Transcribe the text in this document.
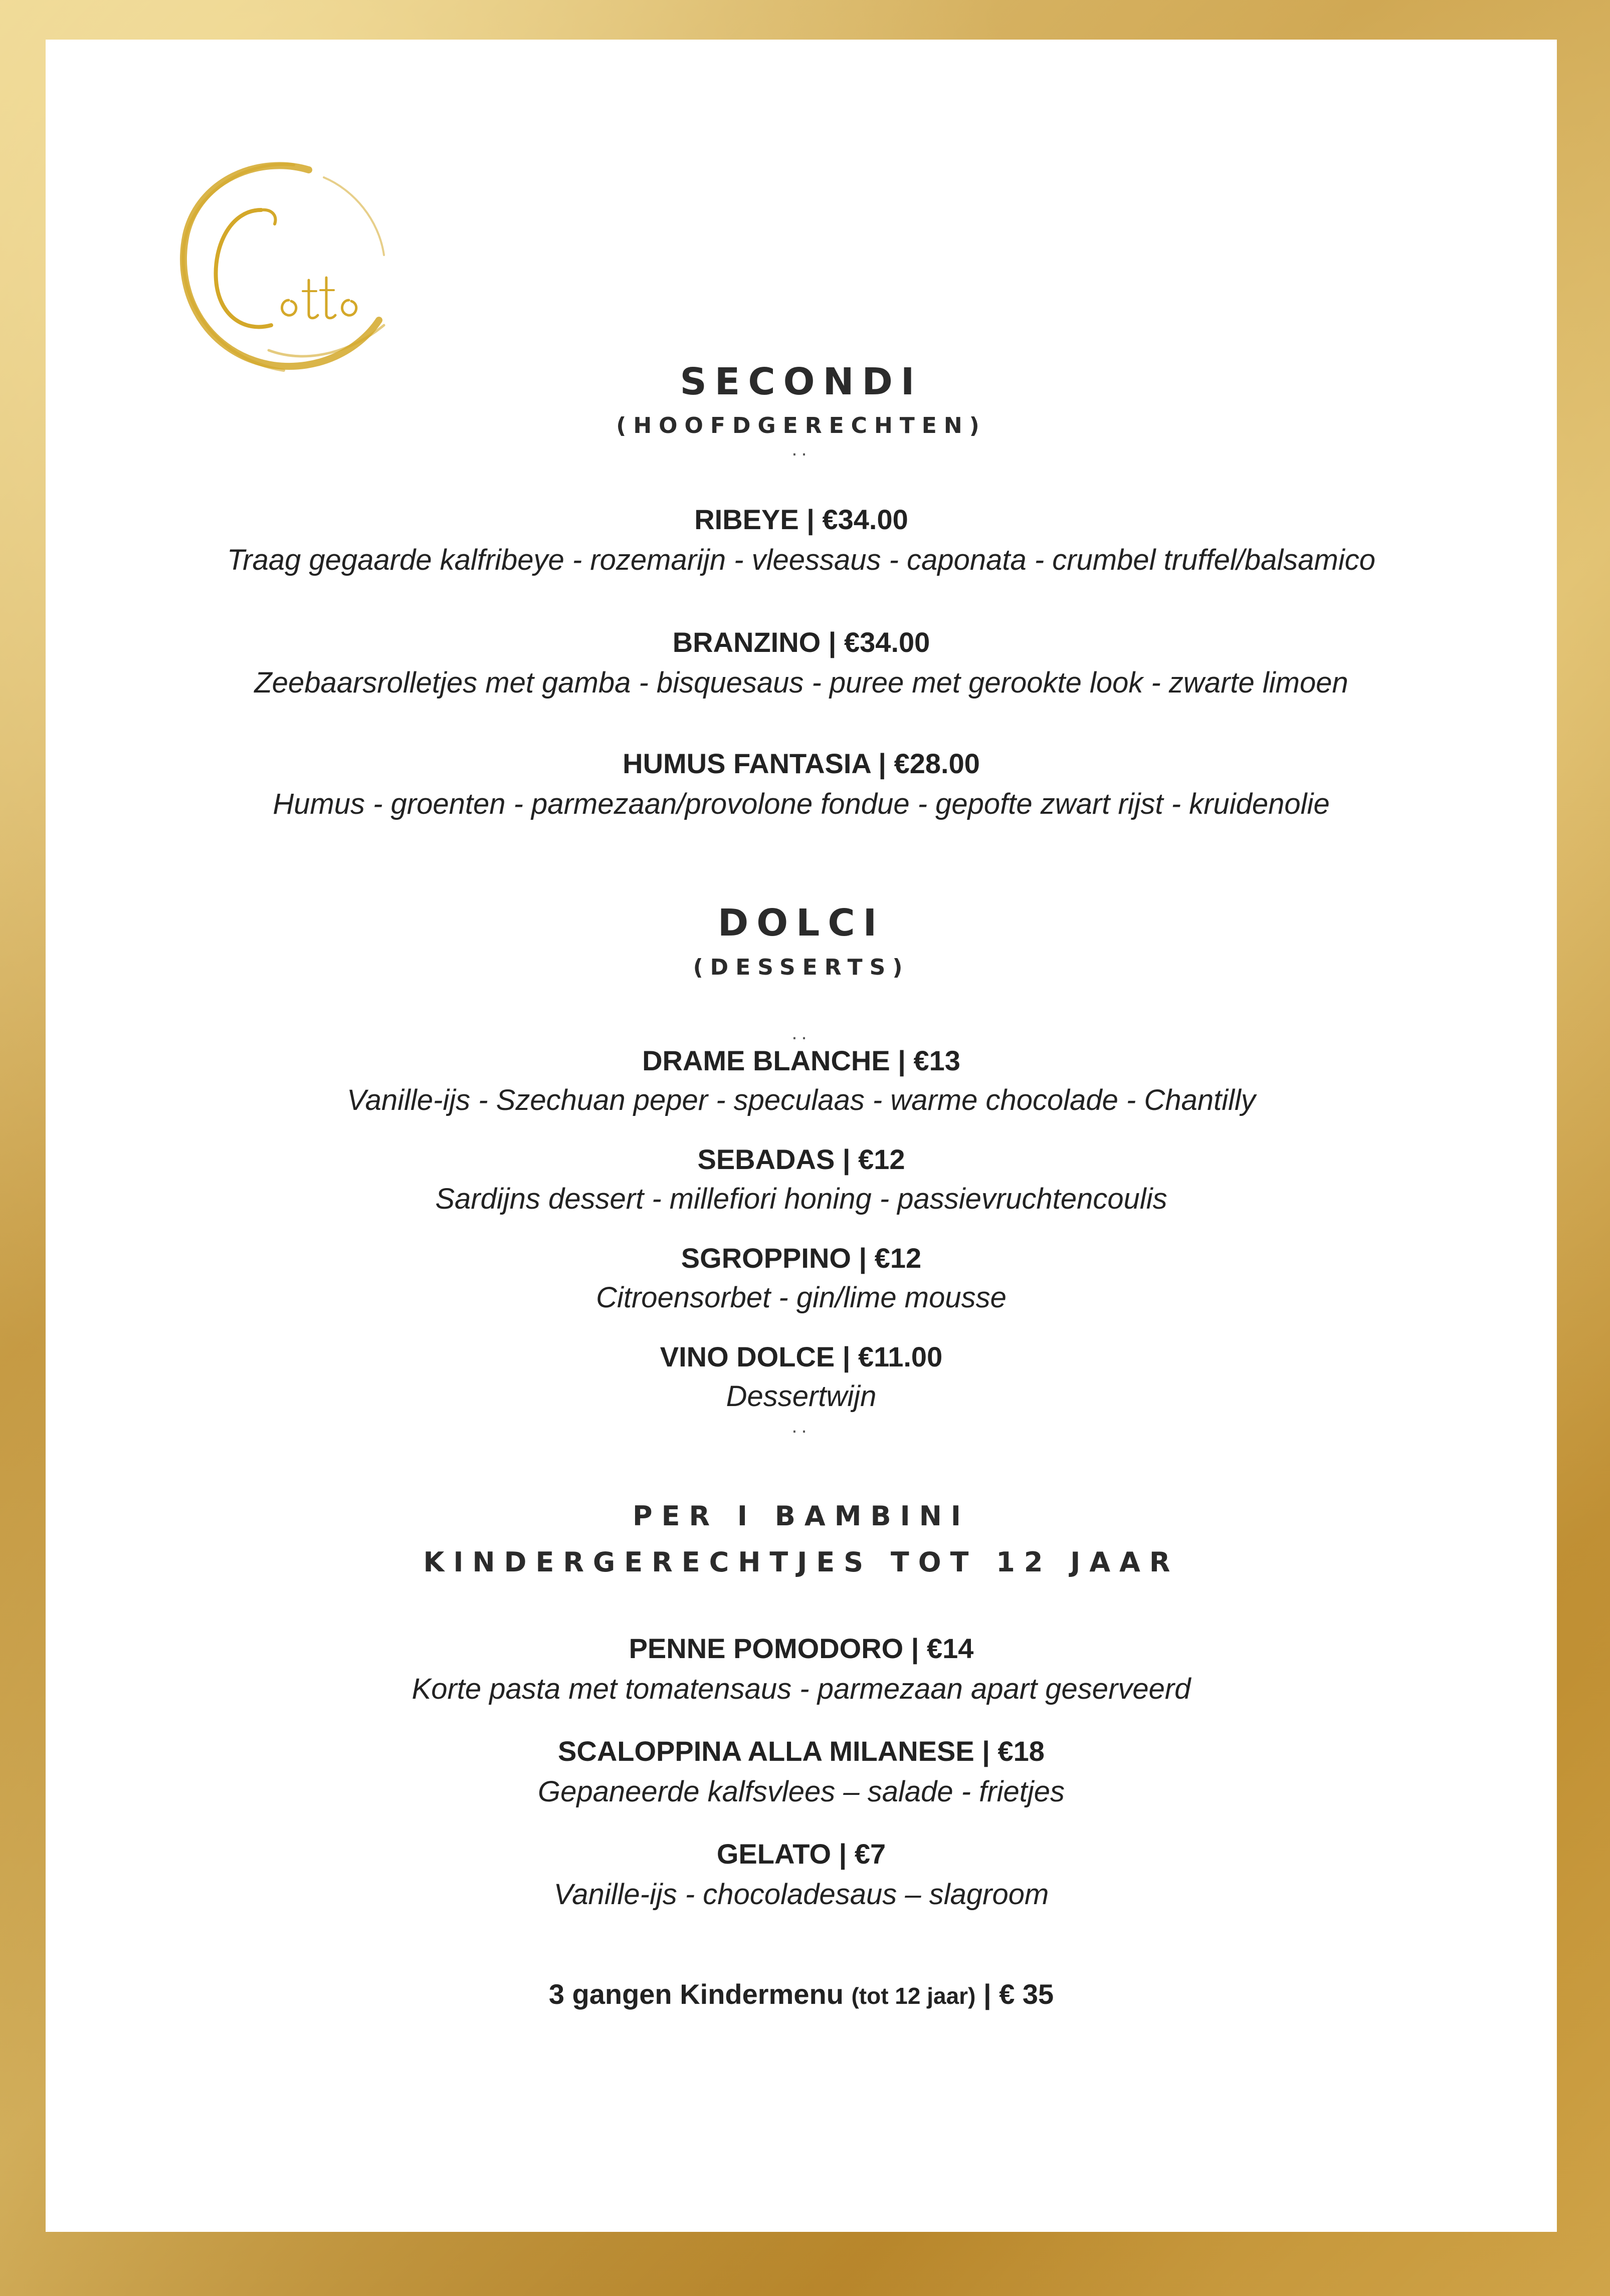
SECONDI
(HOOFDGERECHTEN)
..
RIBEYE | €34.00
Traag gegaarde kalfribeye - rozemarijn - vleessaus - caponata - crumbel truffel/balsamico
BRANZINO | €34.00
Zeebaarsrolletjes met gamba - bisquesaus - puree met gerookte look - zwarte limoen
HUMUS FANTASIA | €28.00
Humus - groenten - parmezaan/provolone fondue - gepofte zwart rijst - kruidenolie
DOLCI
(DESSERTS)
..
DRAME BLANCHE | €13
Vanille-ijs - Szechuan peper - speculaas - warme chocolade - Chantilly
SEBADAS | €12
Sardijns dessert - millefiori honing - passievruchtencoulis
SGROPPINO | €12
Citroensorbet - gin/lime mousse
VINO DOLCE | €11.00
Dessertwijn
..
PER I BAMBINI
KINDERGERECHTJES TOT 12 JAAR
PENNE POMODORO | €14
Korte pasta met tomatensaus - parmezaan apart geserveerd
SCALOPPINA ALLA MILANESE | €18
Gepaneerde kalfsvlees – salade - frietjes
GELATO | €7
Vanille-ijs - chocoladesaus – slagroom
3 gangen Kindermenu (tot 12 jaar) | € 35
